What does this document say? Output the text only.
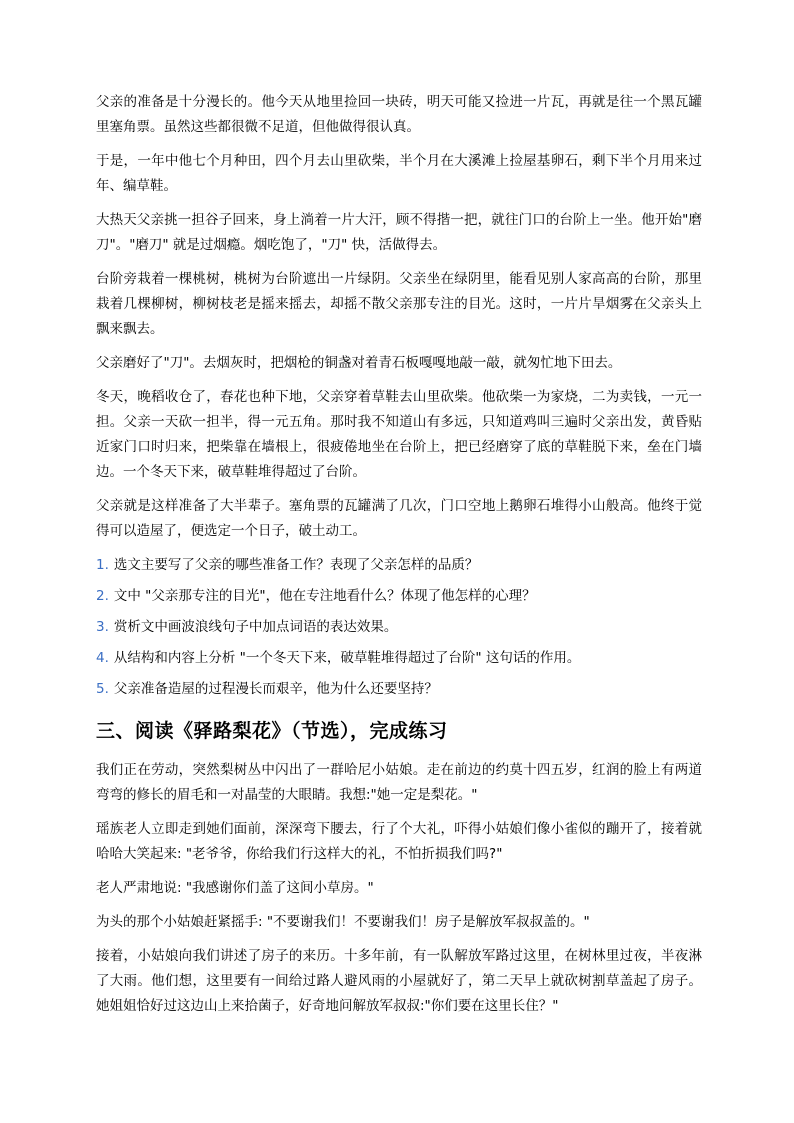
父亲的准备是十分漫长的。他今天从地里捡回一块砖，明天可能又捡进一片瓦，再就是往一个黑瓦罐里塞角票。虽然这些都很微不足道，但他做得很认真。

于是，一年中他七个月种田，四个月去山里砍柴，半个月在大溪滩上捡屋基卵石，剩下半个月用来过年、编草鞋。

大热天父亲挑一担谷子回来，身上淌着一片大汗，顾不得揩一把，就往门口的台阶上一坐。他开始"磨刀"。"磨刀" 就是过烟瘾。烟吃饱了，"刀" 快，活做得去。

台阶旁栽着一棵桃树，桃树为台阶遮出一片绿阴。父亲坐在绿阴里，能看见别人家高高的台阶，那里栽着几棵柳树，柳树枝老是摇来摇去，却摇不散父亲那专注的目光。这时，一片片旱烟雾在父亲头上飘来飘去。

父亲磨好了"刀"。去烟灰时，把烟枪的铜盏对着青石板嘎嘎地敲一敲，就匆忙地下田去。

冬天，晚稻收仓了，春花也种下地，父亲穿着草鞋去山里砍柴。他砍柴一为家烧，二为卖钱，一元一担。父亲一天砍一担半，得一元五角。那时我不知道山有多远，只知道鸡叫三遍时父亲出发，黄昏贴近家门口时归来，把柴靠在墙根上，很疲倦地坐在台阶上，把已经磨穿了底的草鞋脱下来，垒在门墙边。一个冬天下来，破草鞋堆得超过了台阶。

父亲就是这样准备了大半辈子。塞角票的瓦罐满了几次，门口空地上鹅卵石堆得小山般高。他终于觉得可以造屋了，便选定一个日子，破土动工。

1. 选文主要写了父亲的哪些准备工作？表现了父亲怎样的品质？
2. 文中 "父亲那专注的目光"，他在专注地看什么？体现了他怎样的心理？
3. 赏析文中画波浪线句子中加点词语的表达效果。
4. 从结构和内容上分析 "一个冬天下来，破草鞋堆得超过了台阶" 这句话的作用。
5. 父亲准备造屋的过程漫长而艰辛，他为什么还要坚持？
三、阅读《驿路梨花》（节选），完成练习

我们正在劳动，突然梨树丛中闪出了一群哈尼小姑娘。走在前边的约莫十四五岁，红润的脸上有两道弯弯的修长的眉毛和一对晶莹的大眼睛。我想:"她一定是梨花。"

瑶族老人立即走到她们面前，深深弯下腰去，行了个大礼，吓得小姑娘们像小雀似的蹦开了，接着就哈哈大笑起来: "老爷爷，你给我们行这样大的礼，不怕折损我们吗?"

老人严肃地说: "我感谢你们盖了这间小草房。"

为头的那个小姑娘赶紧摇手: "不要谢我们！不要谢我们！房子是解放军叔叔盖的。"

接着，小姑娘向我们讲述了房子的来历。十多年前，有一队解放军路过这里，在树林里过夜，半夜淋了大雨。他们想，这里要有一间给过路人避风雨的小屋就好了，第二天早上就砍树割草盖起了房子。她姐姐恰好过这边山上来拾菌子，好奇地问解放军叔叔:"你们要在这里长住？"
